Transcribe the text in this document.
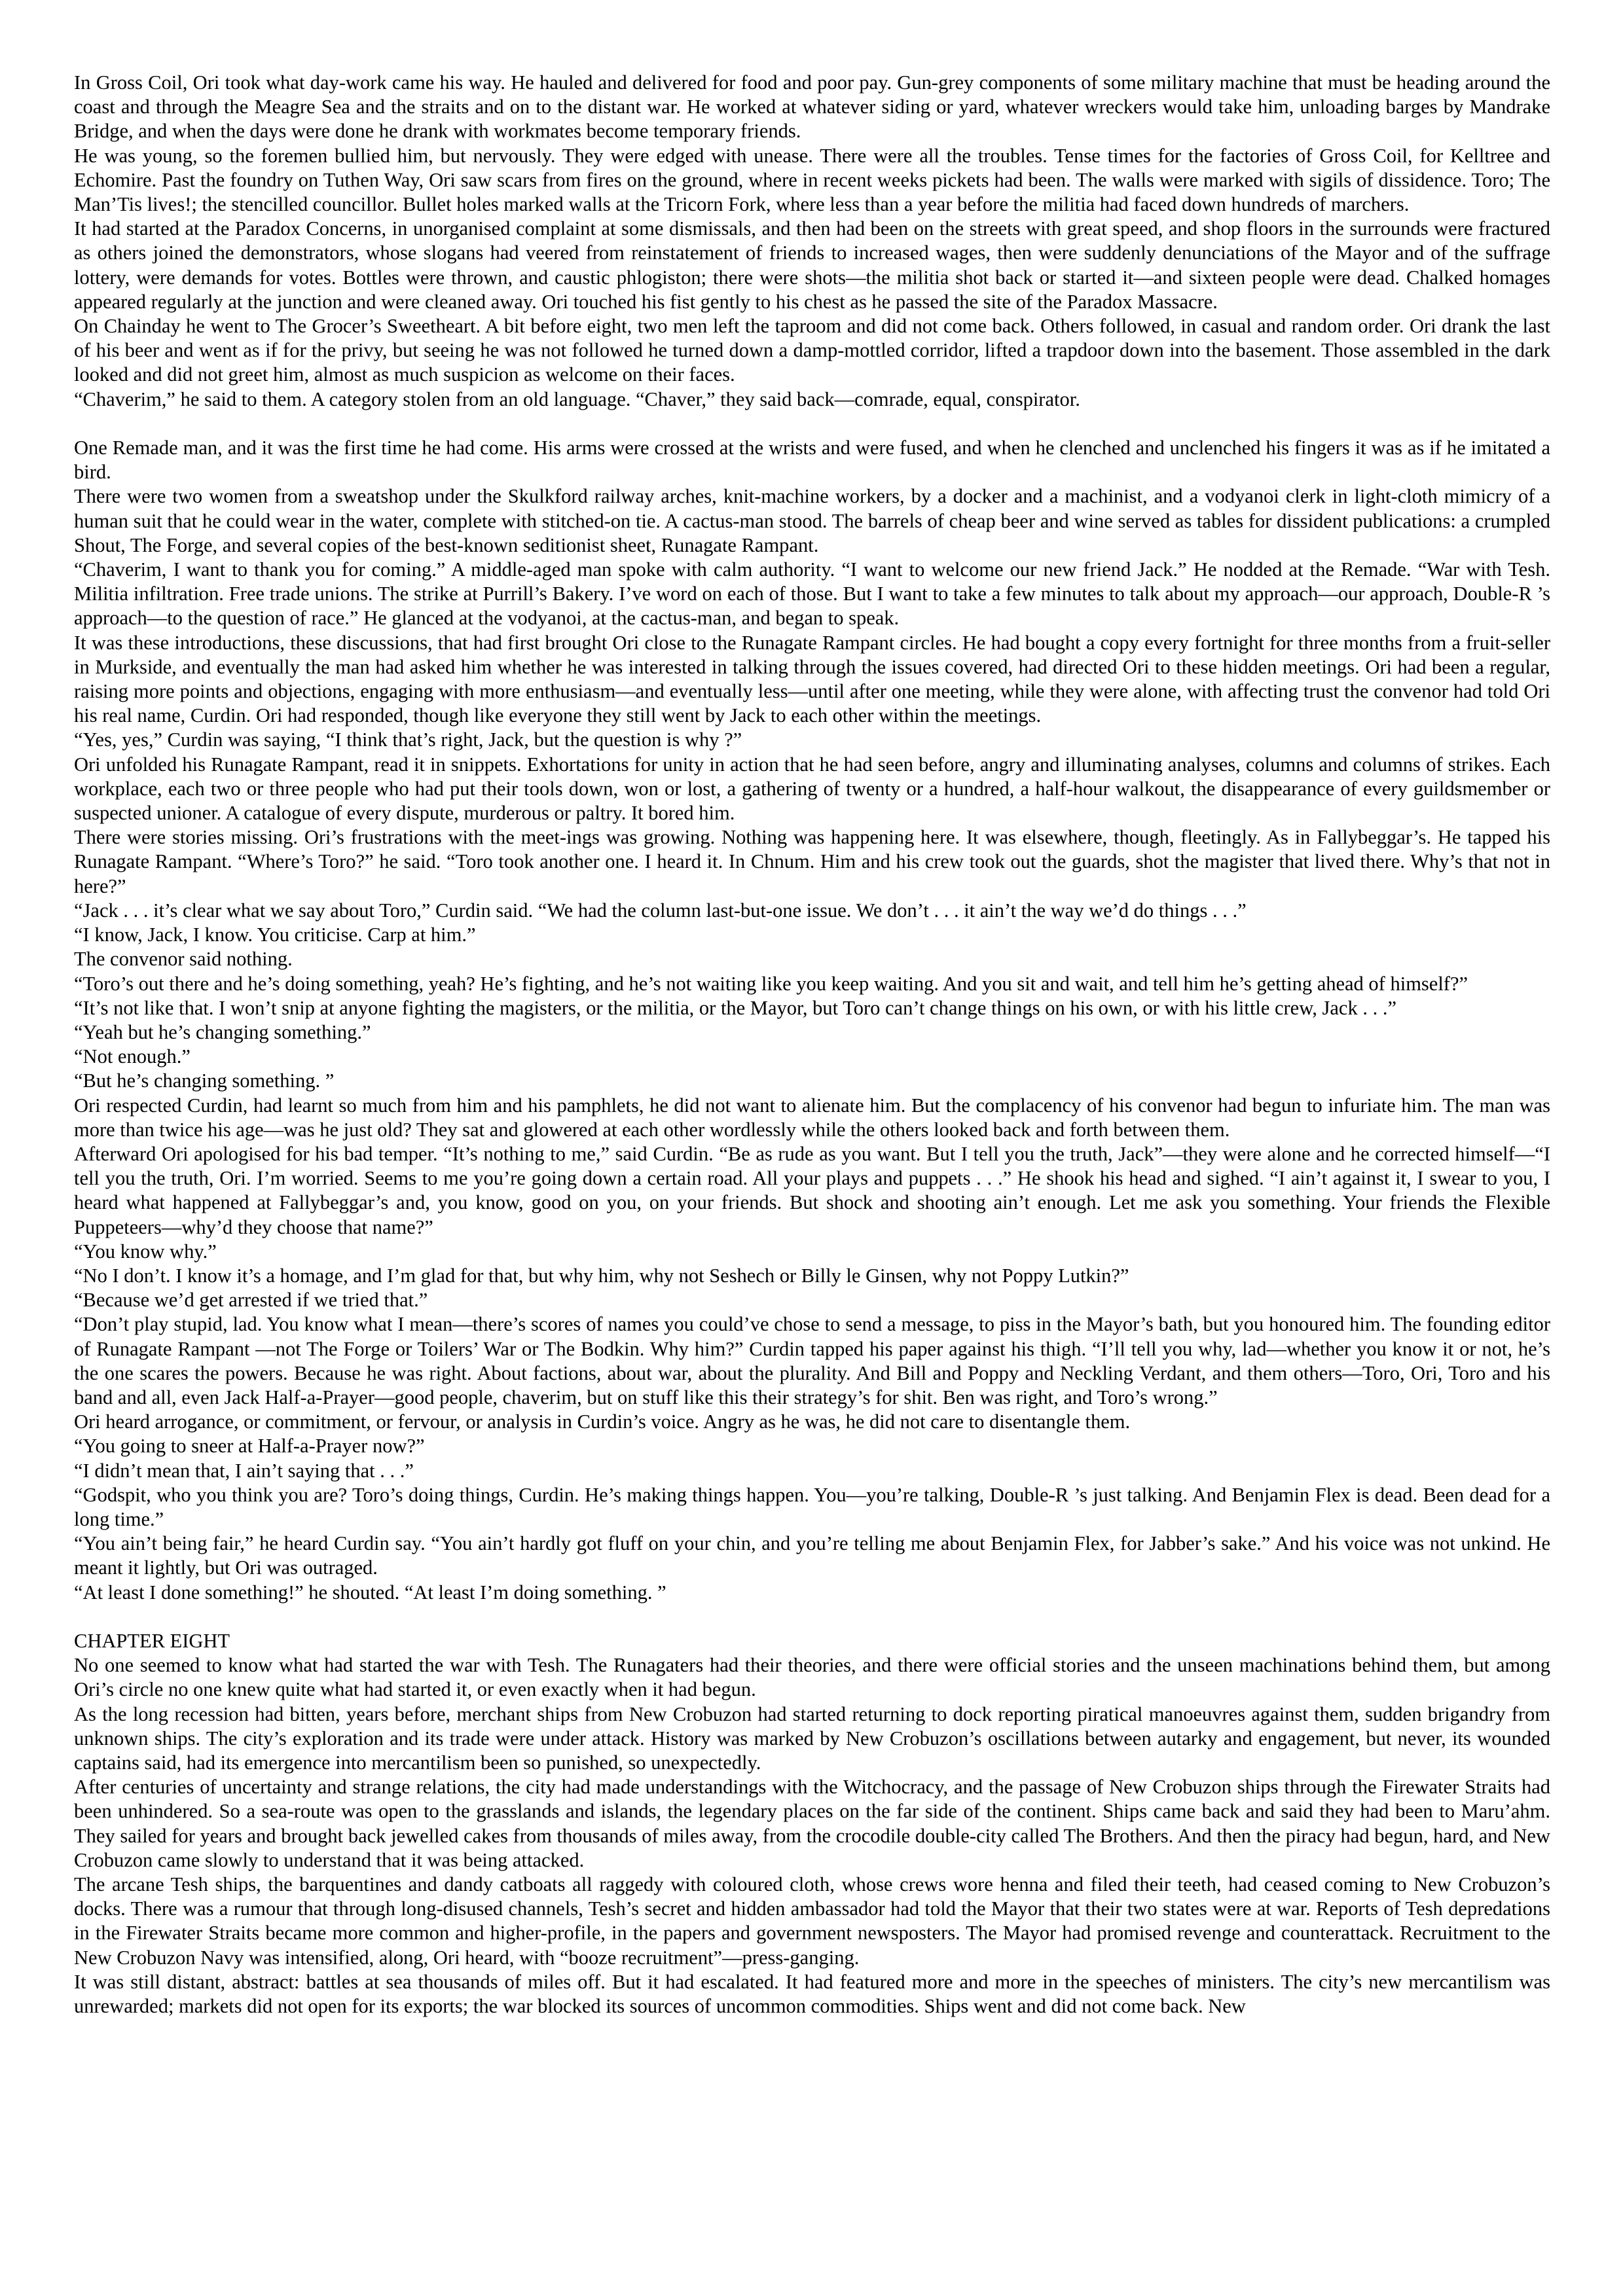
In Gross Coil, Ori took what day-work came his way. He hauled and delivered for food and poor pay. Gun-grey components of some military machine that must be heading around the coast and through the Meagre Sea and the straits and on to the distant war. He worked at whatever siding or yard, whatever wreckers would take him, unloading barges by Mandrake Bridge, and when the days were done he drank with workmates become temporary friends.

He was young, so the foremen bullied him, but nervously. They were edged with unease. There were all the troubles. Tense times for the factories of Gross Coil, for Kelltree and Echomire. Past the foundry on Tuthen Way, Ori saw scars from fires on the ground, where in recent weeks pickets had been. The walls were marked with sigils of dissidence. Toro; The Man’Tis lives!; the stencilled councillor. Bullet holes marked walls at the Tricorn Fork, where less than a year before the militia had faced down hundreds of marchers.

It had started at the Paradox Concerns, in unorganised complaint at some dismissals, and then had been on the streets with great speed, and shop floors in the surrounds were fractured as others joined the demonstrators, whose slogans had veered from reinstatement of friends to increased wages, then were suddenly denunciations of the Mayor and of the suffrage lottery, were demands for votes. Bottles were thrown, and caustic phlogiston; there were shots—the militia shot back or started it—and sixteen people were dead. Chalked homages appeared regularly at the junction and were cleaned away. Ori touched his fist gently to his chest as he passed the site of the Paradox Massacre.

On Chainday he went to The Grocer’s Sweetheart. A bit before eight, two men left the taproom and did not come back. Others followed, in casual and random order. Ori drank the last of his beer and went as if for the privy, but seeing he was not followed he turned down a damp-mottled corridor, lifted a trapdoor down into the basement. Those assembled in the dark looked and did not greet him, almost as much suspicion as welcome on their faces.

“Chaverim,” he said to them. A category stolen from an old language. “Chaver,” they said back—comrade, equal, conspirator.

One Remade man, and it was the first time he had come. His arms were crossed at the wrists and were fused, and when he clenched and unclenched his fingers it was as if he imitated a bird.

There were two women from a sweatshop under the Skulkford railway arches, knit-machine workers, by a docker and a machinist, and a vodyanoi clerk in light-cloth mimicry of a human suit that he could wear in the water, complete with stitched-on tie. A cactus-man stood. The barrels of cheap beer and wine served as tables for dissident publications: a crumpled Shout, The Forge, and several copies of the best-known seditionist sheet, Runagate Rampant.

“Chaverim, I want to thank you for coming.” A middle-aged man spoke with calm authority. “I want to welcome our new friend Jack.” He nodded at the Remade. “War with Tesh. Militia infiltration. Free trade unions. The strike at Purrill’s Bakery. I’ve word on each of those. But I want to take a few minutes to talk about my approach—our approach, Double-R ’s approach—to the question of race.” He glanced at the vodyanoi, at the cactus-man, and began to speak.

It was these introductions, these discussions, that had first brought Ori close to the Runagate Rampant circles. He had bought a copy every fortnight for three months from a fruit-seller in Murkside, and eventually the man had asked him whether he was interested in talking through the issues covered, had directed Ori to these hidden meetings. Ori had been a regular, raising more points and objections, engaging with more enthusiasm—and eventually less—until after one meeting, while they were alone, with affecting trust the convenor had told Ori his real name, Curdin. Ori had responded, though like everyone they still went by Jack to each other within the meetings.

“Yes, yes,” Curdin was saying, “I think that’s right, Jack, but the question is why ?”

Ori unfolded his Runagate Rampant, read it in snippets. Exhortations for unity in action that he had seen before, angry and illuminating analyses, columns and columns of strikes. Each workplace, each two or three people who had put their tools down, won or lost, a gathering of twenty or a hundred, a half-hour walkout, the disappearance of every guildsmember or suspected unioner. A catalogue of every dispute, murderous or paltry. It bored him.

There were stories missing. Ori’s frustrations with the meet-ings was growing. Nothing was happening here. It was elsewhere, though, fleetingly. As in Fallybeggar’s. He tapped his Runagate Rampant. “Where’s Toro?” he said. “Toro took another one. I heard it. In Chnum. Him and his crew took out the guards, shot the magister that lived there. Why’s that not in here?”

“Jack . . . it’s clear what we say about Toro,” Curdin said. “We had the column last-but-one issue. We don’t . . . it ain’t the way we’d do things . . .”

“I know, Jack, I know. You criticise. Carp at him.”

The convenor said nothing.

“Toro’s out there and he’s doing something, yeah? He’s fighting, and he’s not waiting like you keep waiting. And you sit and wait, and tell him he’s getting ahead of himself?”

“It’s not like that. I won’t snip at anyone fighting the magisters, or the militia, or the Mayor, but Toro can’t change things on his own, or with his little crew, Jack . . .”

“Yeah but he’s changing something.”

“Not enough.”

“But he’s changing something. ”

Ori respected Curdin, had learnt so much from him and his pamphlets, he did not want to alienate him. But the complacency of his convenor had begun to infuriate him. The man was more than twice his age—was he just old? They sat and glowered at each other wordlessly while the others looked back and forth between them.

Afterward Ori apologised for his bad temper. “It’s nothing to me,” said Curdin. “Be as rude as you want. But I tell you the truth, Jack”—they were alone and he corrected himself—“I tell you the truth, Ori. I’m worried. Seems to me you’re going down a certain road. All your plays and puppets . . .” He shook his head and sighed. “I ain’t against it, I swear to you, I heard what happened at Fallybeggar’s and, you know, good on you, on your friends. But shock and shooting ain’t enough. Let me ask you something. Your friends the Flexible Puppeteers—why’d they choose that name?”

“You know why.”

“No I don’t. I know it’s a homage, and I’m glad for that, but why him, why not Seshech or Billy le Ginsen, why not Poppy Lutkin?”

“Because we’d get arrested if we tried that.”

“Don’t play stupid, lad. You know what I mean—there’s scores of names you could’ve chose to send a message, to piss in the Mayor’s bath, but you honoured him. The founding editor of Runagate Rampant —not The Forge or Toilers’ War or The Bodkin. Why him?” Curdin tapped his paper against his thigh. “I’ll tell you why, lad—whether you know it or not, he’s the one scares the powers. Because he was right. About factions, about war, about the plurality. And Bill and Poppy and Neckling Verdant, and them others—Toro, Ori, Toro and his band and all, even Jack Half-a-Prayer—good people, chaverim, but on stuff like this their strategy’s for shit. Ben was right, and Toro’s wrong.”

Ori heard arrogance, or commitment, or fervour, or analysis in Curdin’s voice. Angry as he was, he did not care to disentangle them.

“You going to sneer at Half-a-Prayer now?”

“I didn’t mean that, I ain’t saying that . . .”

“Godspit, who you think you are? Toro’s doing things, Curdin. He’s making things happen. You—you’re talking, Double-R ’s just talking. And Benjamin Flex is dead. Been dead for a long time.”

“You ain’t being fair,” he heard Curdin say. “You ain’t hardly got fluff on your chin, and you’re telling me about Benjamin Flex, for Jabber’s sake.” And his voice was not unkind. He meant it lightly, but Ori was outraged.

“At least I done something!” he shouted. “At least I’m doing something. ”

CHAPTER EIGHT

No one seemed to know what had started the war with Tesh. The Runagaters had their theories, and there were official stories and the unseen machinations behind them, but among Ori’s circle no one knew quite what had started it, or even exactly when it had begun.

As the long recession had bitten, years before, merchant ships from New Crobuzon had started returning to dock reporting piratical manoeuvres against them, sudden brigandry from unknown ships. The city’s exploration and its trade were under attack. History was marked by New Crobuzon’s oscillations between autarky and engagement, but never, its wounded captains said, had its emergence into mercantilism been so punished, so unexpectedly.

After centuries of uncertainty and strange relations, the city had made understandings with the Witchocracy, and the passage of New Crobuzon ships through the Firewater Straits had been unhindered. So a sea-route was open to the grasslands and islands, the legendary places on the far side of the continent. Ships came back and said they had been to Maru’ahm. They sailed for years and brought back jewelled cakes from thousands of miles away, from the crocodile double-city called The Brothers. And then the piracy had begun, hard, and New Crobuzon came slowly to understand that it was being attacked.

The arcane Tesh ships, the barquentines and dandy catboats all raggedy with coloured cloth, whose crews wore henna and filed their teeth, had ceased coming to New Crobuzon’s docks. There was a rumour that through long-disused channels, Tesh’s secret and hidden ambassador had told the Mayor that their two states were at war. Reports of Tesh depredations in the Firewater Straits became more common and higher-profile, in the papers and government newsposters. The Mayor had promised revenge and counterattack. Recruitment to the New Crobuzon Navy was intensified, along, Ori heard, with “booze recruitment”—press-ganging.

It was still distant, abstract: battles at sea thousands of miles off. But it had escalated. It had featured more and more in the speeches of ministers. The city’s new mercantilism was unrewarded; markets did not open for its exports; the war blocked its sources of uncommon commodities. Ships went and did not come back. New
